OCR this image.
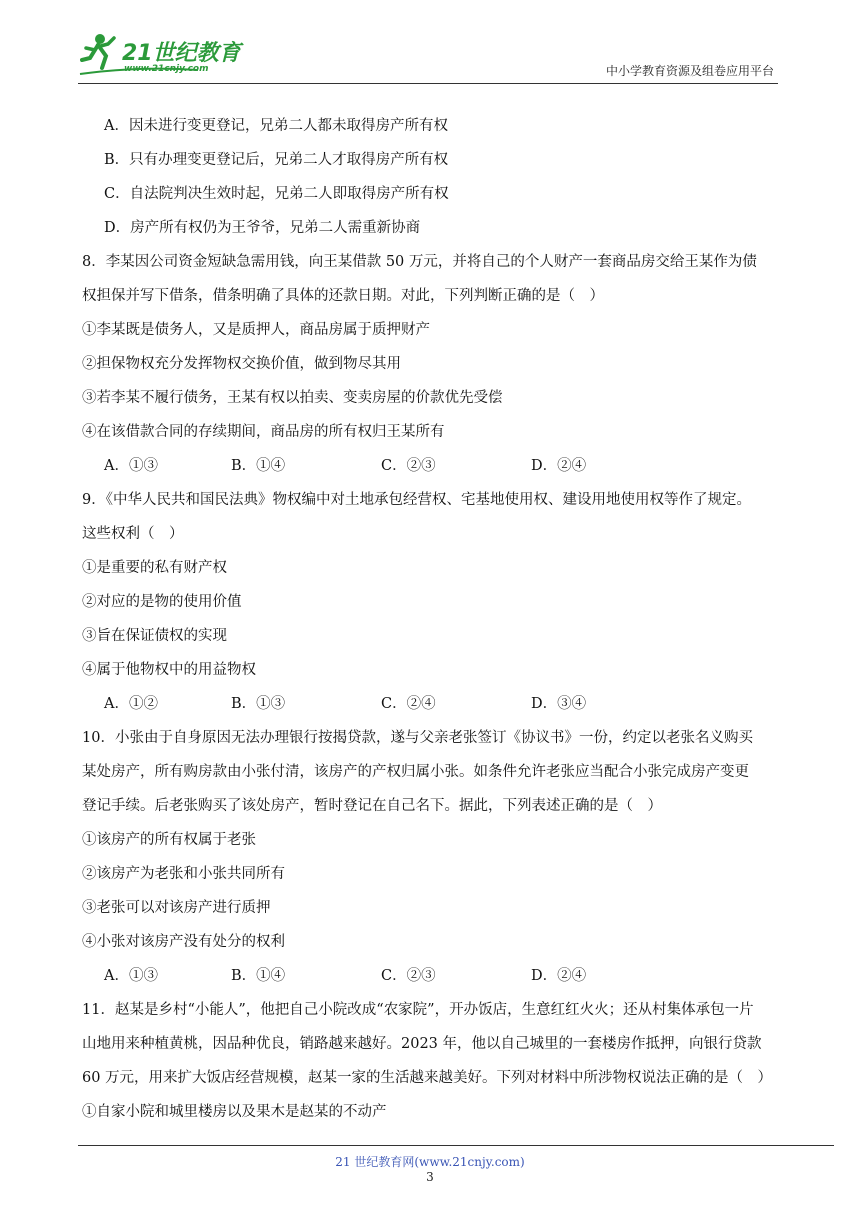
21世纪教育
www.21cnjy.com	中小学教育资源及组卷应用平台
A．因未进行变更登记，兄弟二人都未取得房产所有权
B．只有办理变更登记后，兄弟二人才取得房产所有权
C．自法院判决生效时起，兄弟二人即取得房产所有权
D．房产所有权仍为王爷爷，兄弟二人需重新协商
8．李某因公司资金短缺急需用钱，向王某借款 50 万元，并将自己的个人财产一套商品房交给王某作为债
权担保并写下借条，借条明确了具体的还款日期。对此，下列判断正确的是（　）
①李某既是债务人，又是质押人，商品房属于质押财产
②担保物权充分发挥物权交换价值，做到物尽其用
③若李某不履行债务，王某有权以拍卖、变卖房屋的价款优先受偿
④在该借款合同的存续期间，商品房的所有权归王某所有
A．①③	B．①④	C．②③	D．②④
9．《中华人民共和国民法典》物权编中对土地承包经营权、宅基地使用权、建设用地使用权等作了规定。
这些权利（　）
①是重要的私有财产权
②对应的是物的使用价值
③旨在保证债权的实现
④属于他物权中的用益物权
A．①②	B．①③	C．②④	D．③④
10．小张由于自身原因无法办理银行按揭贷款，遂与父亲老张签订《协议书》一份，约定以老张名义购买
某处房产，所有购房款由小张付清，该房产的产权归属小张。如条件允许老张应当配合小张完成房产变更
登记手续。后老张购买了该处房产，暂时登记在自己名下。据此，下列表述正确的是（　）
①该房产的所有权属于老张
②该房产为老张和小张共同所有
③老张可以对该房产进行质押
④小张对该房产没有处分的权利
A．①③	B．①④	C．②③	D．②④
11．赵某是乡村“小能人”，他把自己小院改成“农家院”，开办饭店，生意红红火火；还从村集体承包一片
山地用来种植黄桃，因品种优良，销路越来越好。2023 年，他以自己城里的一套楼房作抵押，向银行贷款
60 万元，用来扩大饭店经营规模，赵某一家的生活越来越美好。下列对材料中所涉物权说法正确的是（　）
①自家小院和城里楼房以及果木是赵某的不动产
21 世纪教育网(www.21cnjy.com)
3
